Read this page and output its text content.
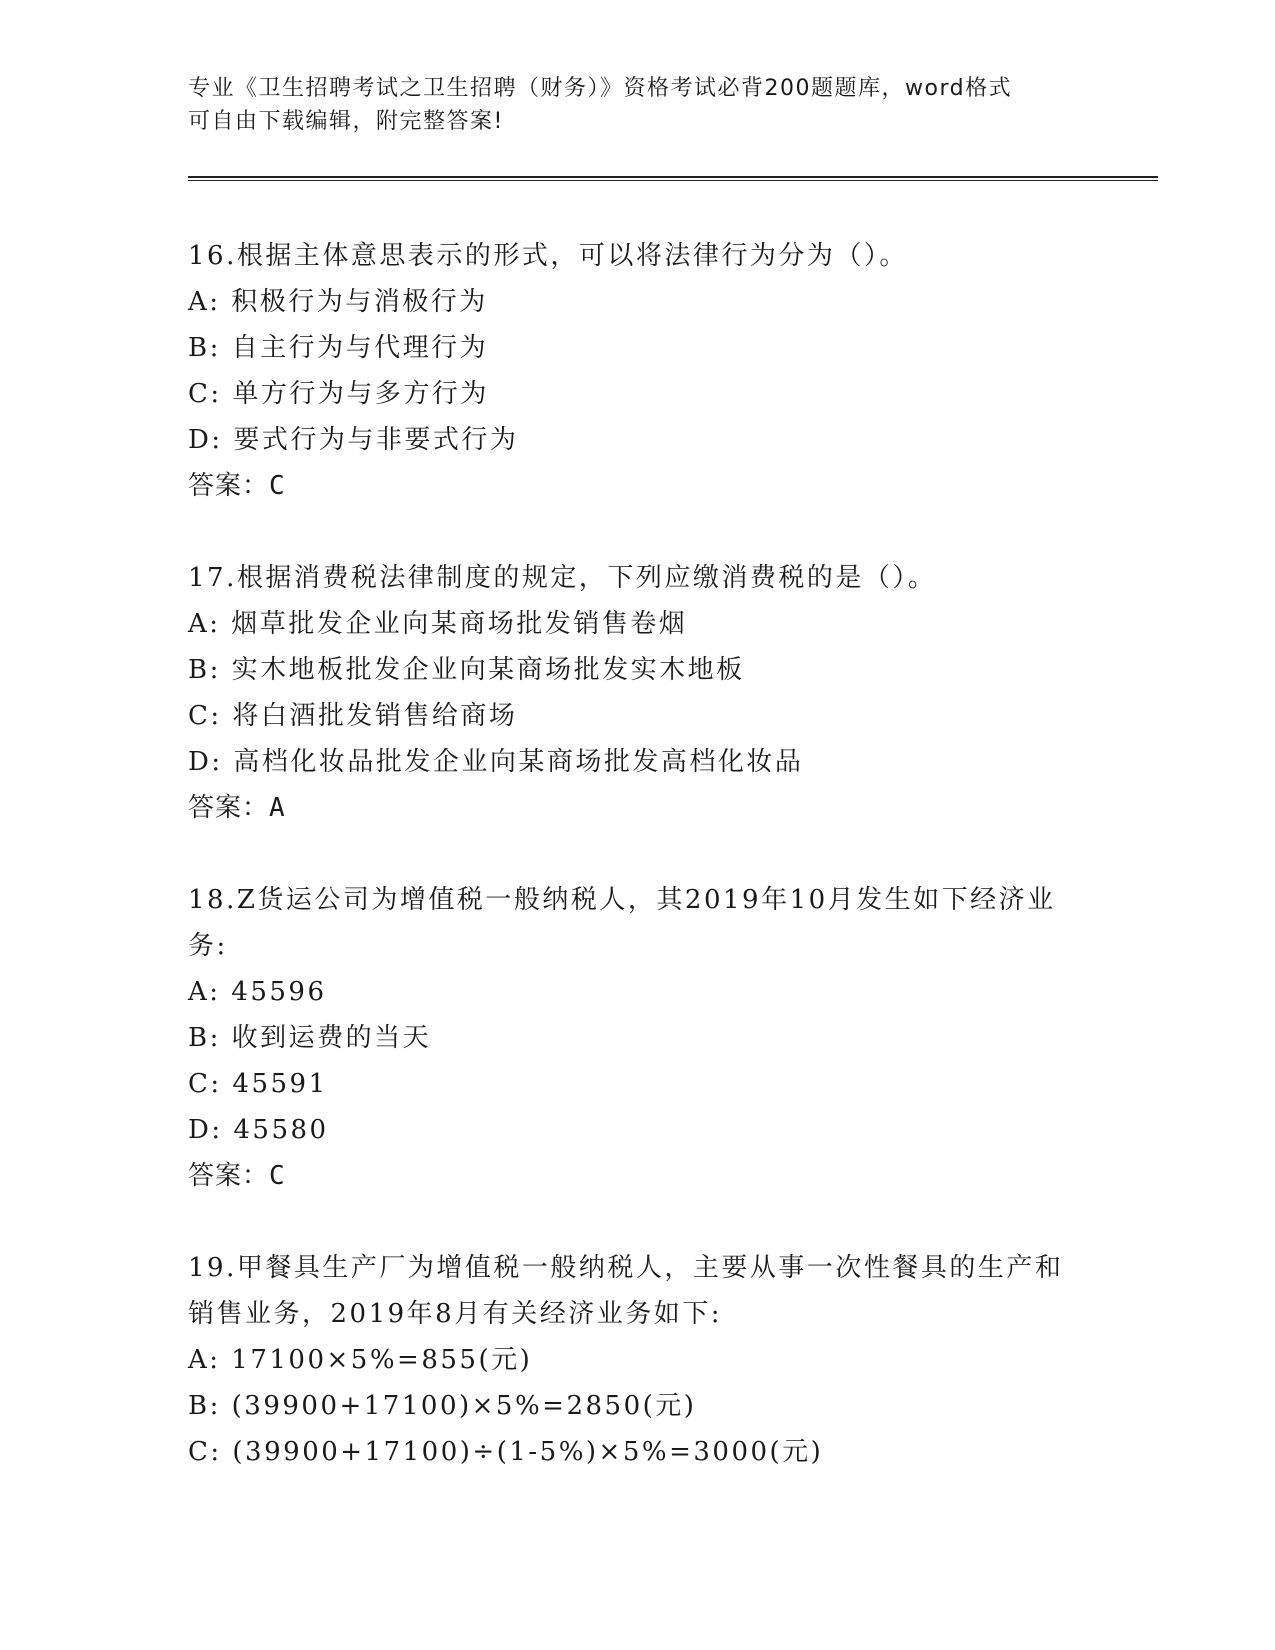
专业《卫生招聘考试之卫生招聘（财务）》资格考试必背200题题库，word格式
可自由下载编辑，附完整答案!
16.根据主体意思表示的形式，可以将法律行为分为（）。
A: 积极行为与消极行为
B: 自主行为与代理行为
C: 单方行为与多方行为
D: 要式行为与非要式行为
答案：C
17.根据消费税法律制度的规定，下列应缴消费税的是（）。
A: 烟草批发企业向某商场批发销售卷烟
B: 实木地板批发企业向某商场批发实木地板
C: 将白酒批发销售给商场
D: 高档化妆品批发企业向某商场批发高档化妆品
答案：A
18.Z货运公司为增值税一般纳税人，其2019年10月发生如下经济业
务:
A: 45596
B: 收到运费的当天
C: 45591
D: 45580
答案：C
19.甲餐具生产厂为增值税一般纳税人，主要从事一次性餐具的生产和
销售业务，2019年8月有关经济业务如下:
A: 17100×5%=855(元)
B: (39900+17100)×5%=2850(元)
C: (39900+17100)÷(1-5%)×5%=3000(元)
